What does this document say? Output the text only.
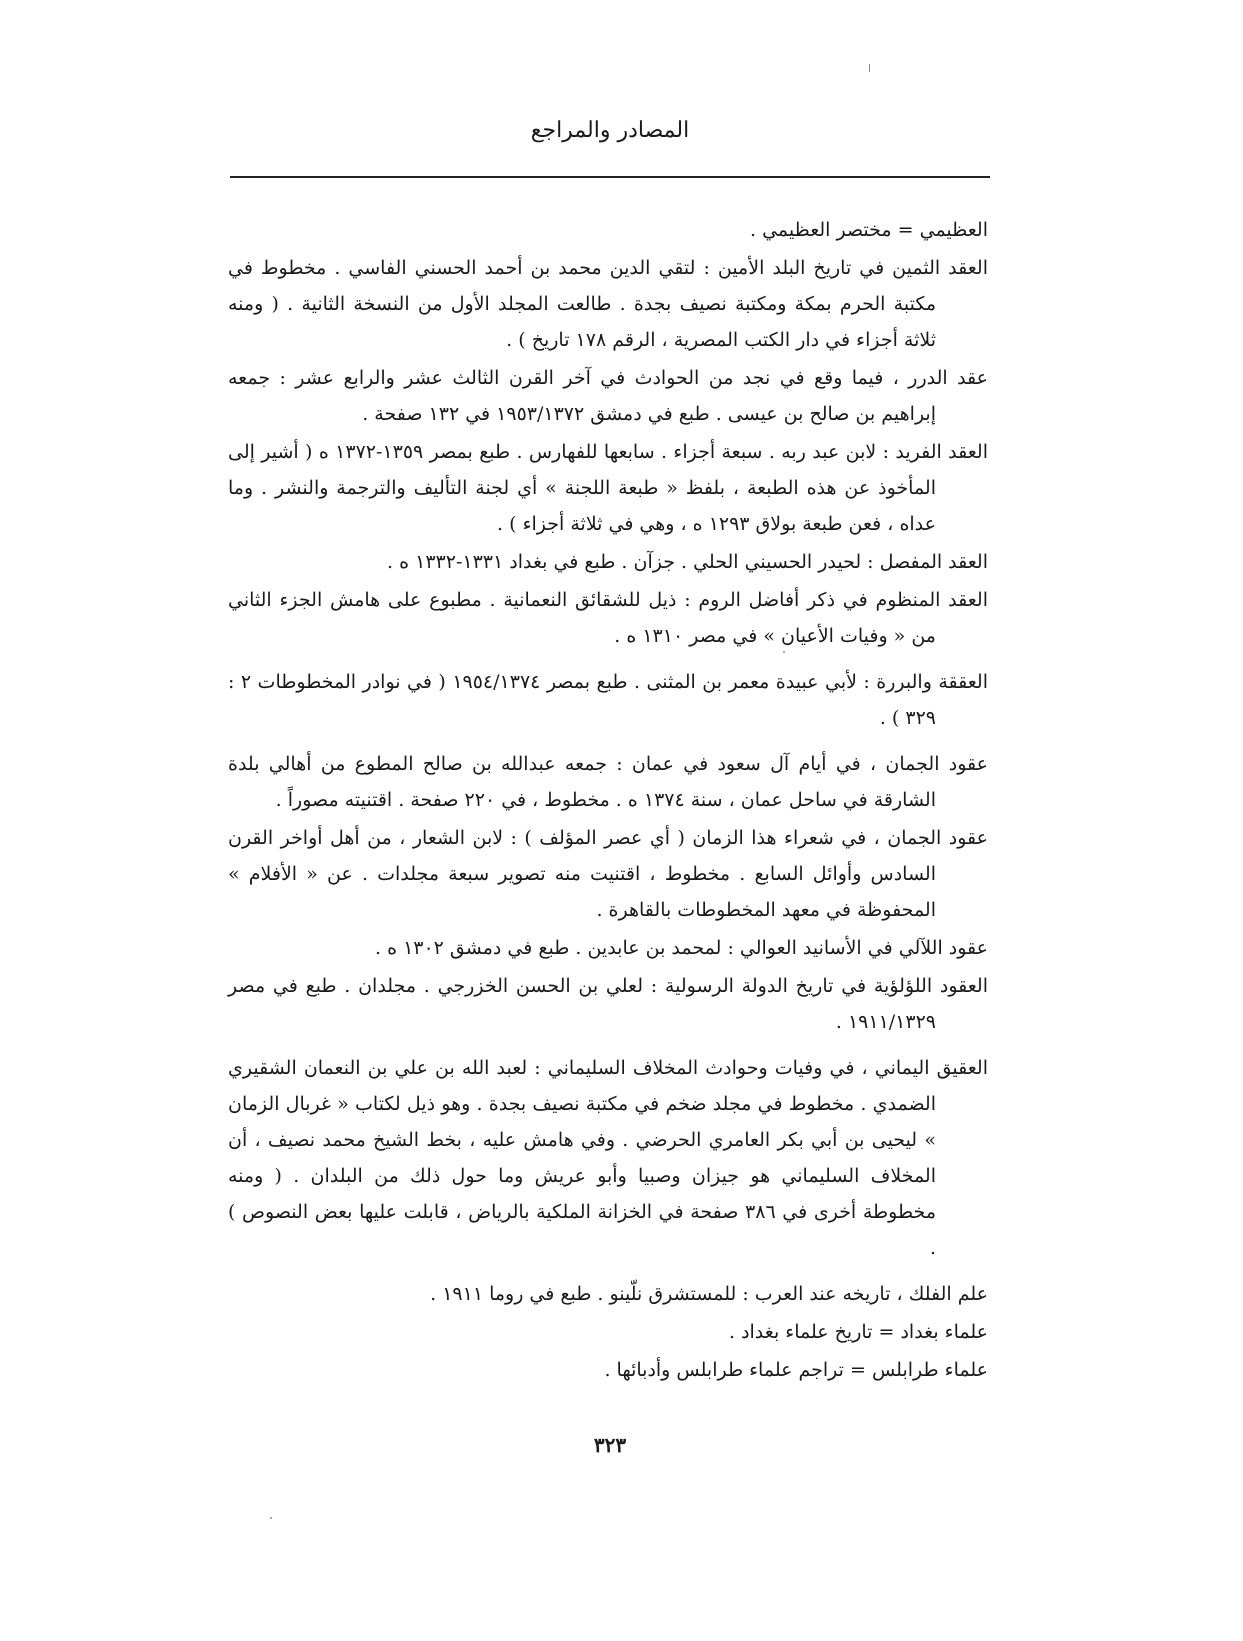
المصادر والمراجع

العظيمي = مختصر العظيمي .

العقد الثمين في تاريخ البلد الأمين : لتقي الدين محمد بن أحمد الحسني الفاسي . مخطوط في مكتبة الحرم بمكة ومكتبة نصيف بجدة . طالعت المجلد الأول من النسخة الثانية . ( ومنه ثلاثة أجزاء في دار الكتب المصرية ، الرقم ١٧٨ تاريخ ) .

عقد الدرر ، فيما وقع في نجد من الحوادث في آخر القرن الثالث عشر والرابع عشر : جمعه إبراهيم بن صالح بن عيسى . طبع في دمشق ١٩٥٣/١٣٧٢ في ١٣٢ صفحة .

العقد الفريد : لابن عبد ربه . سبعة أجزاء . سابعها للفهارس . طبع بمصر ١٣٥٩-١٣٧٢ ه ( أشير إلى المأخوذ عن هذه الطبعة ، بلفظ « طبعة اللجنة » أي لجنة التأليف والترجمة والنشر . وما عداه ، فعن طبعة بولاق ١٢٩٣ ه ، وهي في ثلاثة أجزاء ) .

العقد المفصل : لحيدر الحسيني الحلي . جزآن . طبع في بغداد ١٣٣١-١٣٣٢ ه .

العقد المنظوم في ذكر أفاضل الروم : ذيل للشقائق النعمانية . مطبوع على هامش الجزء الثاني من « وفيات الأعيان » في مصر ١٣١٠ ه .

العققة والبررة : لأبي عبيدة معمر بن المثنى . طبع بمصر ١٩٥٤/١٣٧٤ ( في نوادر المخطوطات ٢ : ٣٢٩ ) .

عقود الجمان ، في أيام آل سعود في عمان : جمعه عبدالله بن صالح المطوع من أهالي بلدة الشارقة في ساحل عمان ، سنة ١٣٧٤ ه . مخطوط ، في ٢٢٠ صفحة . اقتنيته مصوراً .

عقود الجمان ، في شعراء هذا الزمان ( أي عصر المؤلف ) : لابن الشعار ، من أهل أواخر القرن السادس وأوائل السابع . مخطوط ، اقتنيت منه تصوير سبعة مجلدات . عن « الأفلام » المحفوظة في معهد المخطوطات بالقاهرة .

عقود اللآلي في الأسانيد العوالي : لمحمد بن عابدين . طبع في دمشق ١٣٠٢ ه .

العقود اللؤلؤية في تاريخ الدولة الرسولية : لعلي بن الحسن الخزرجي . مجلدان . طبع في مصر ١٩١١/١٣٢٩ .

العقيق اليماني ، في وفيات وحوادث المخلاف السليماني : لعبد الله بن علي بن النعمان الشقيري الضمدي . مخطوط في مجلد ضخم في مكتبة نصيف بجدة . وهو ذيل لكتاب « غربال الزمان » ليحيى بن أبي بكر العامري الحرضي . وفي هامش عليه ، بخط الشيخ محمد نصيف ، أن المخلاف السليماني هو جيزان وصبيا وأبو عريش وما حول ذلك من البلدان . ( ومنه مخطوطة أخرى في ٣٨٦ صفحة في الخزانة الملكية بالرياض ، قابلت عليها بعض النصوص ) .

علم الفلك ، تاريخه عند العرب : للمستشرق نلّينو . طبع في روما ١٩١١ .

علماء بغداد = تاريخ علماء بغداد .

علماء طرابلس = تراجم علماء طرابلس وأدبائها .

٣٢٣
